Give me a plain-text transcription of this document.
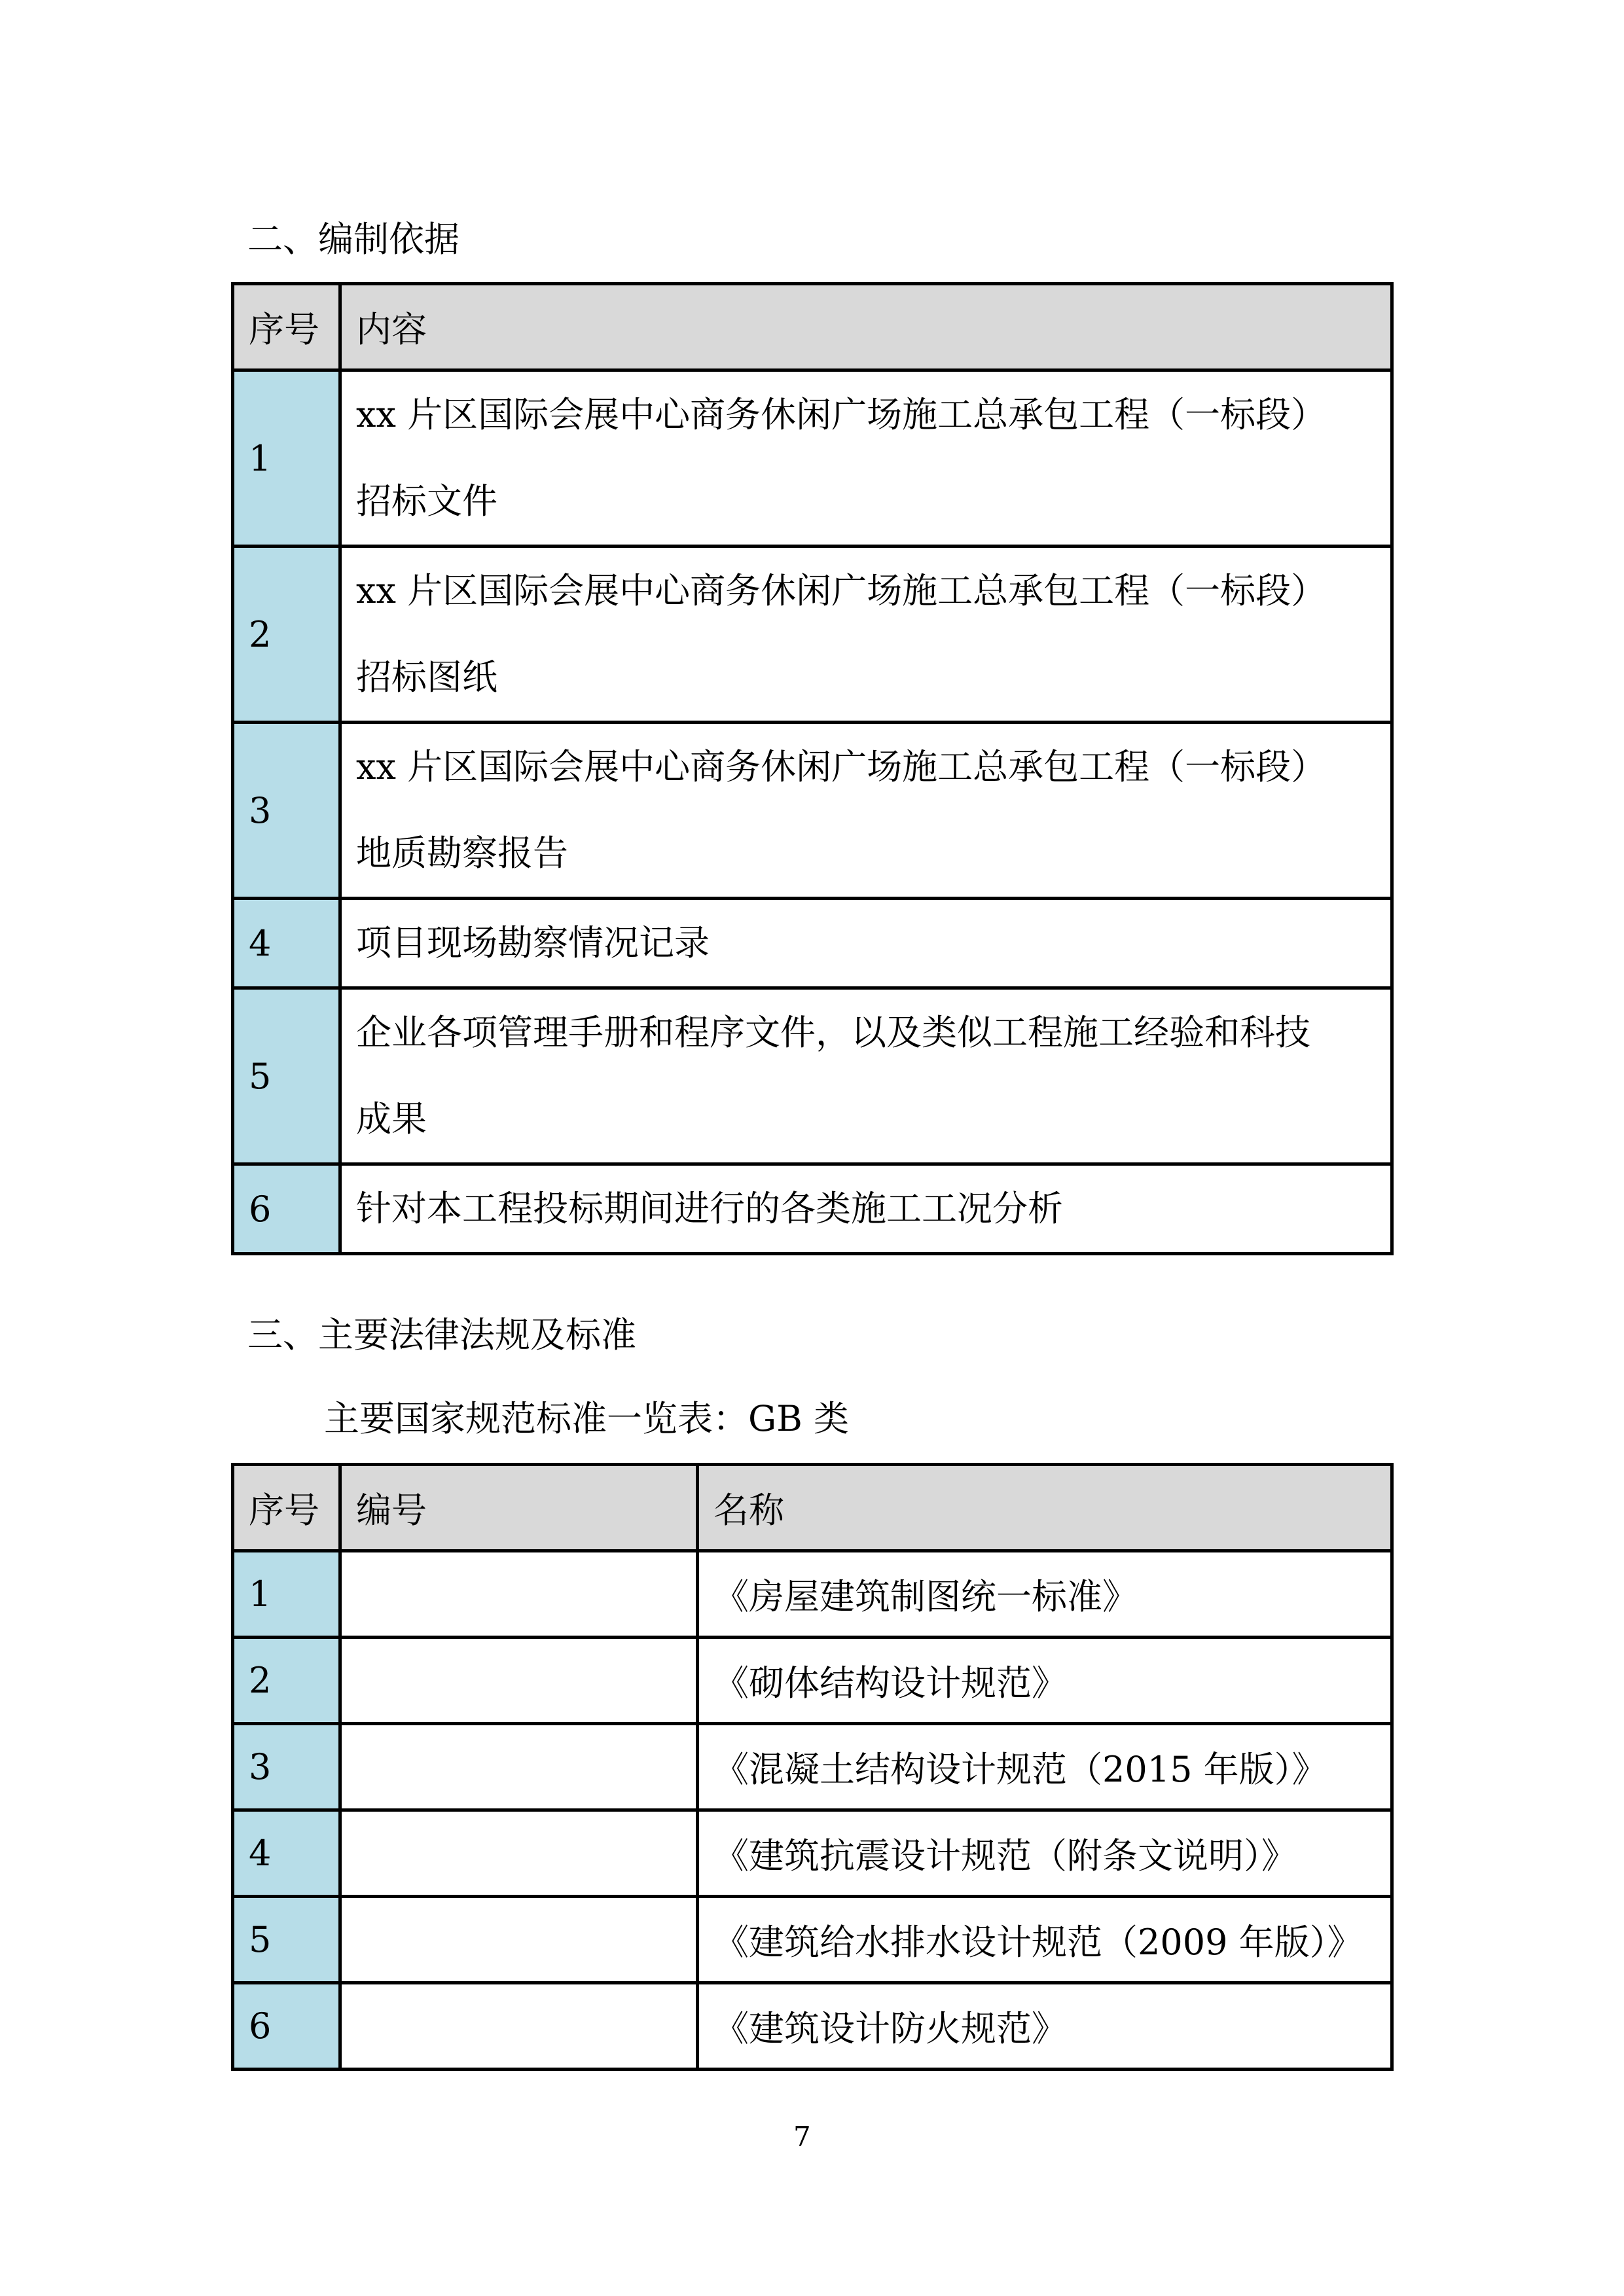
二、编制依据
序号	内容
1	xx 片区国际会展中心商务休闲广场施工总承包工程（一标段）
招标文件

2	xx 片区国际会展中心商务休闲广场施工总承包工程（一标段）
招标图纸

3	xx 片区国际会展中心商务休闲广场施工总承包工程（一标段）
地质勘察报告

4	项目现场勘察情况记录

5	企业各项管理手册和程序文件，以及类似工程施工经验和科技
成果

6	针对本工程投标期间进行的各类施工工况分析
三、主要法律法规及标准
主要国家规范标准一览表：GB 类
序号	编号	名称
1		《房屋建筑制图统一标准》
2		《砌体结构设计规范》
3		《混凝土结构设计规范（2015 年版）》
4		《建筑抗震设计规范（附条文说明）》
5		《建筑给水排水设计规范（2009 年版）》
6		《建筑设计防火规范》
7
